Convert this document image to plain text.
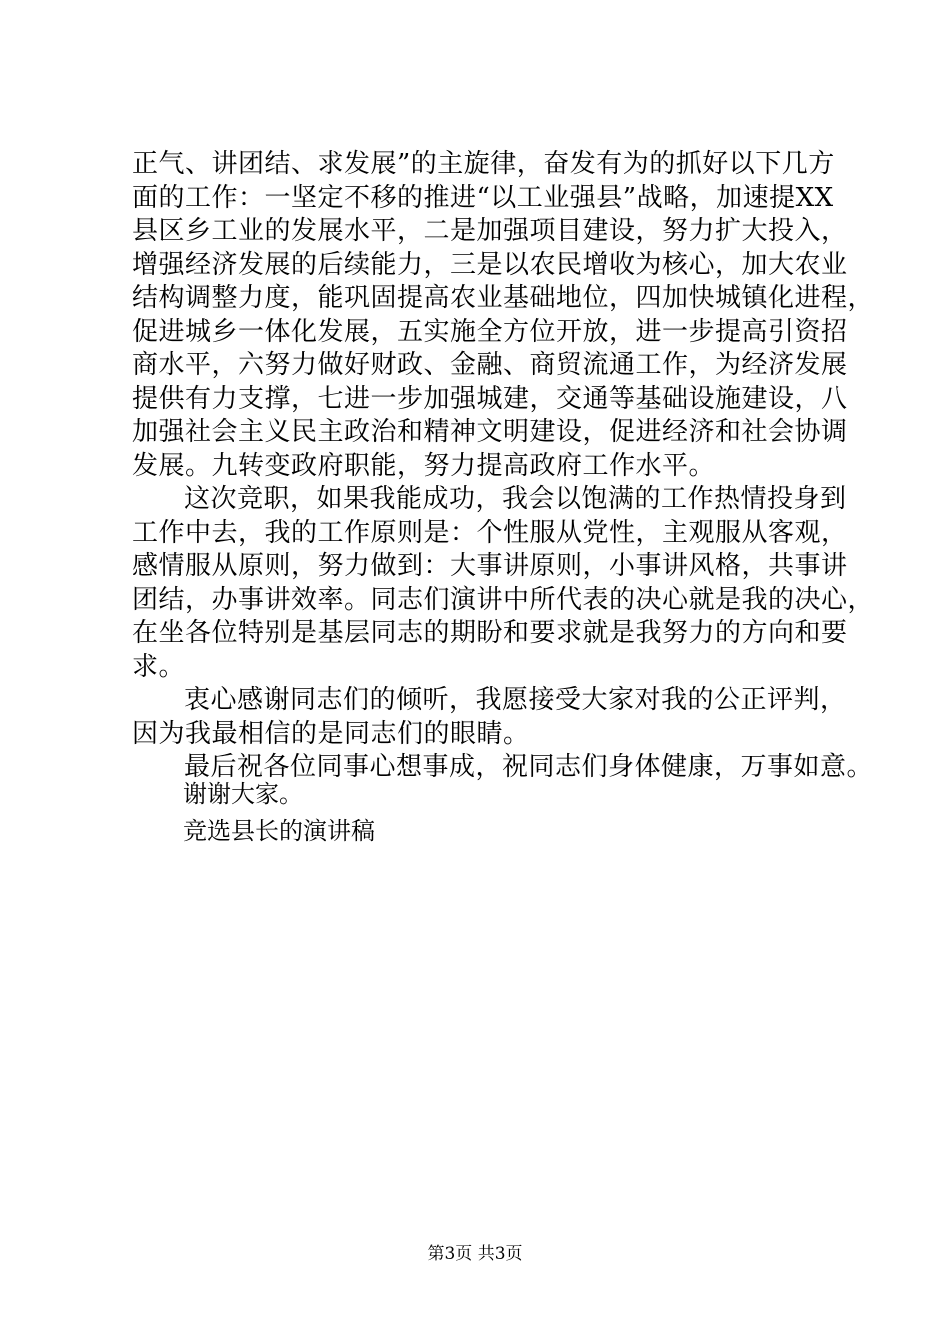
正气、讲团结、求发展”的主旋律，奋发有为的抓好以下几方
面的工作：一坚定不移的推进“以工业强县”战略，加速提XX
县区乡工业的发展水平，二是加强项目建设，努力扩大投入，
增强经济发展的后续能力，三是以农民增收为核心，加大农业
结构调整力度，能巩固提高农业基础地位，四加快城镇化进程，
促进城乡一体化发展，五实施全方位开放，进一步提高引资招
商水平，六努力做好财政、金融、商贸流通工作，为经济发展
提供有力支撑，七进一步加强城建，交通等基础设施建设，八
加强社会主义民主政治和精神文明建设，促进经济和社会协调
发展。九转变政府职能，努力提高政府工作水平。
这次竞职，如果我能成功，我会以饱满的工作热情投身到
工作中去，我的工作原则是：个性服从党性，主观服从客观，
感情服从原则，努力做到：大事讲原则，小事讲风格，共事讲
团结，办事讲效率。同志们演讲中所代表的决心就是我的决心，
在坐各位特别是基层同志的期盼和要求就是我努力的方向和要
求。
衷心感谢同志们的倾听，我愿接受大家对我的公正评判，
因为我最相信的是同志们的眼睛。
最后祝各位同事心想事成，祝同志们身体健康，万事如意。
谢谢大家。
竞选县长的演讲稿
第3页 共3页
